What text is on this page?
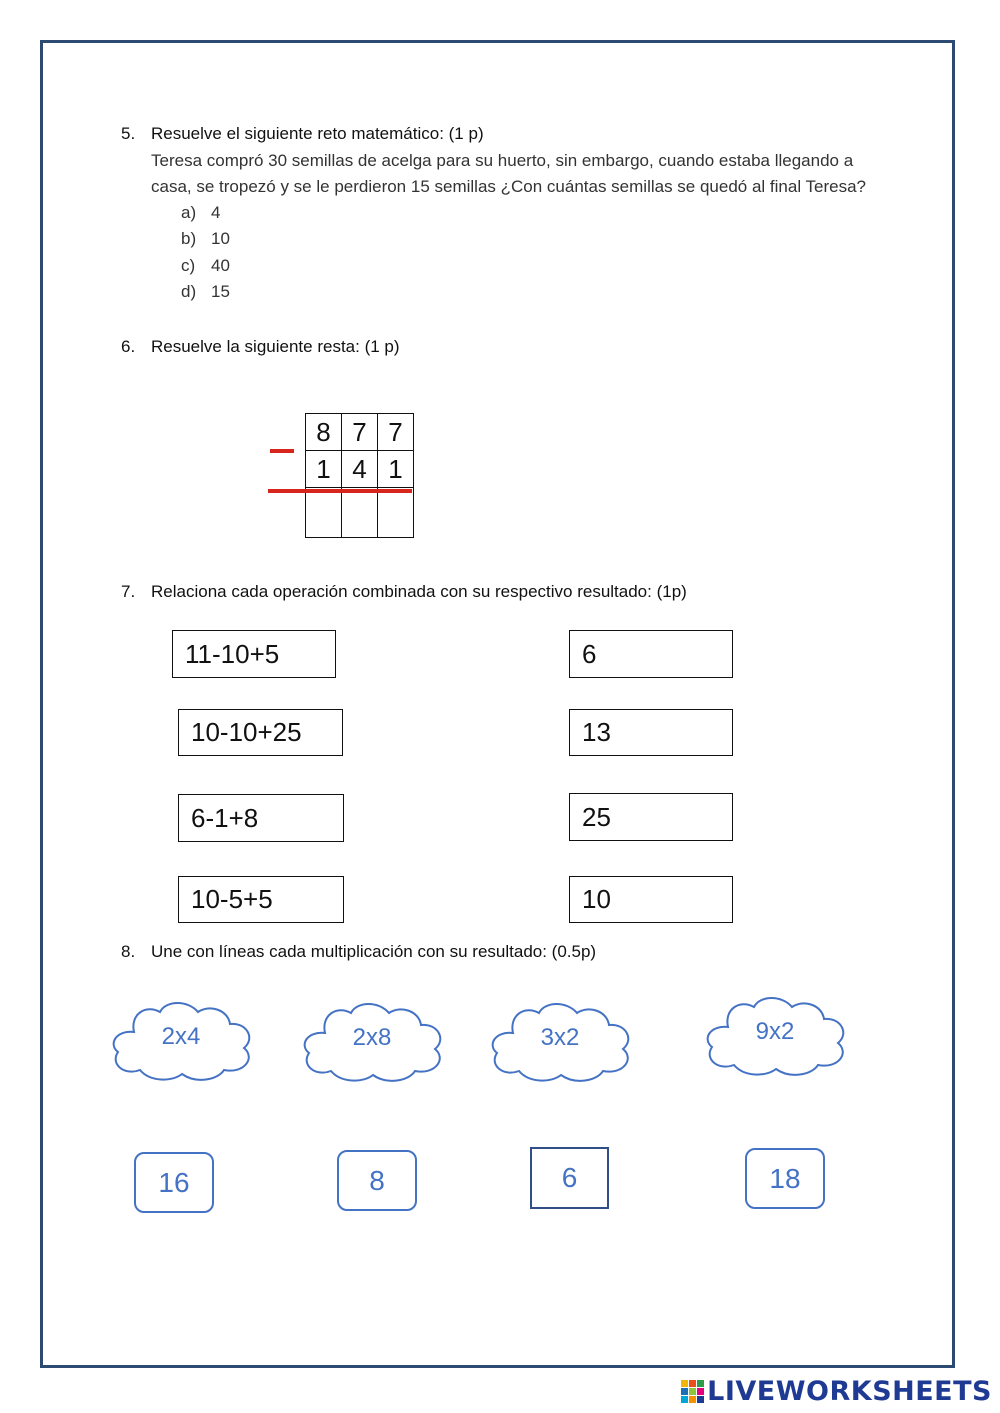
5. Resuelve el siguiente reto matemático: (1 p)
Teresa compró 30 semillas de acelga para su huerto, sin embargo, cuando estaba llegando a
casa, se tropezó y se le perdieron 15 semillas ¿Con cuántas semillas se quedó al final Teresa?
a) 4
b) 10
c) 40
d) 15
6. Resuelve la siguiente resta: (1 p)
8	7	7
1	4	1

7. Relaciona cada operación combinada con su respectivo resultado: (1p)
11-10+5
10-10+25
6-1+8
10-5+5
6
13
25
10
8. Une con líneas cada multiplicación con su resultado: (0.5p)
2x4	2x8	3x2	9x2
16	8	6	18
LIVEWORKSHEETS
